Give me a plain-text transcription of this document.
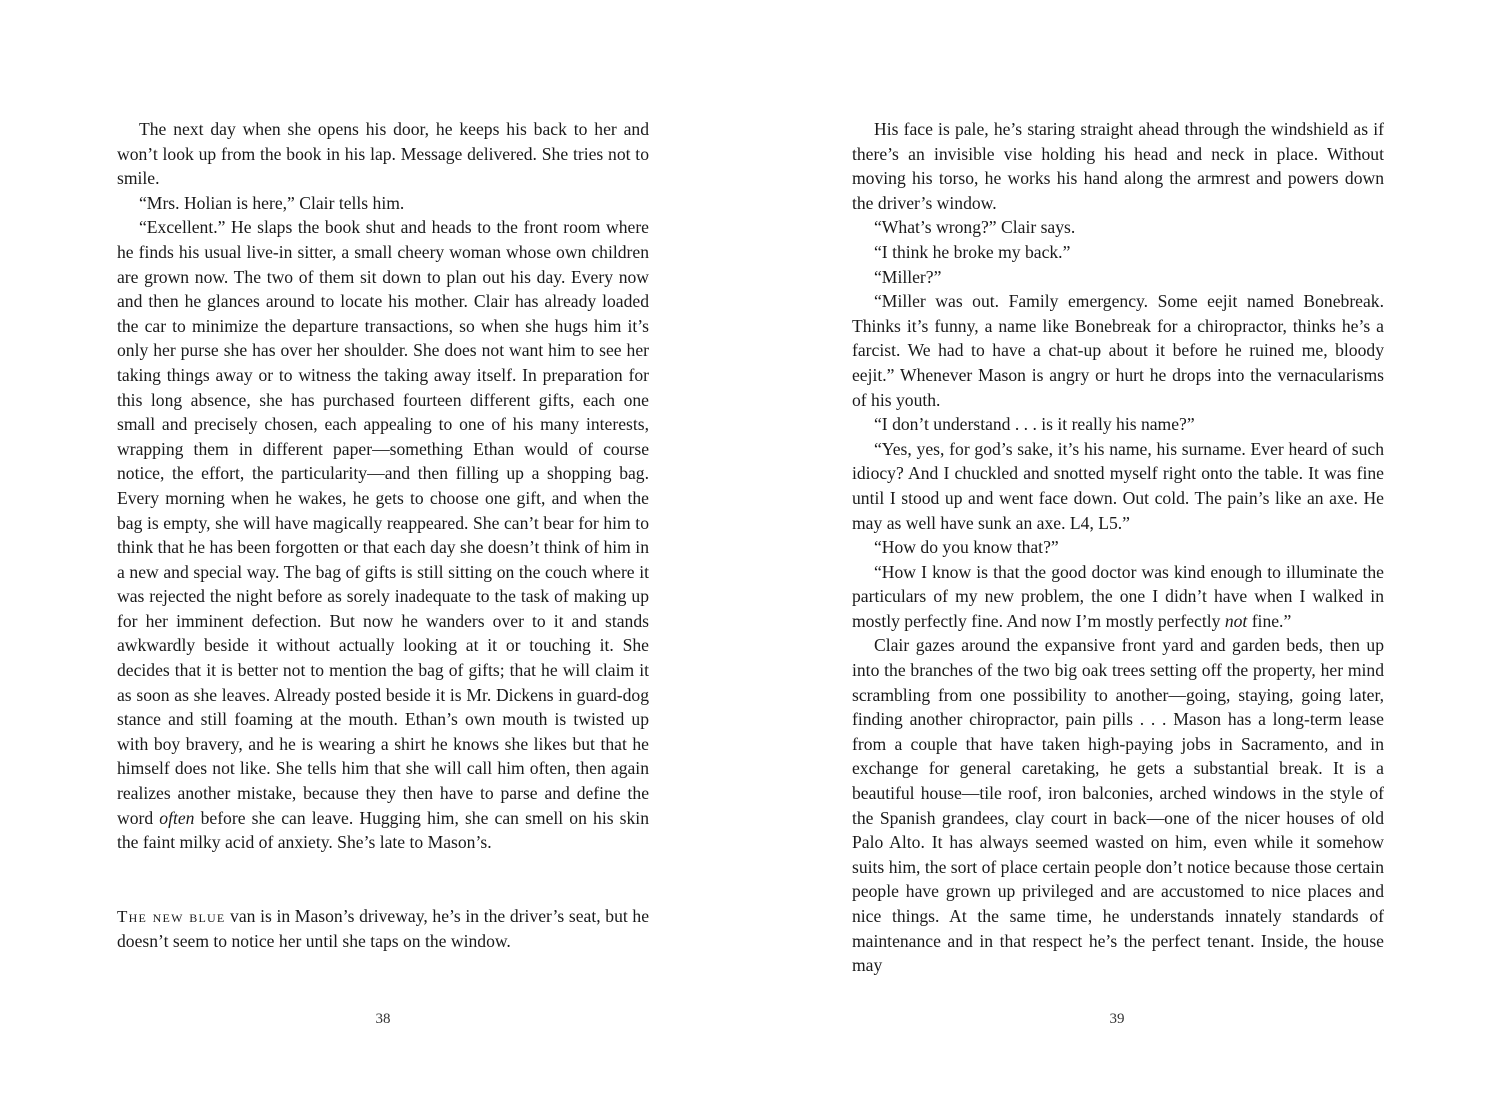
The next day when she opens his door, he keeps his back to her and won’t look up from the book in his lap. Message delivered. She tries not to smile.

“Mrs. Holian is here,” Clair tells him.

“Excellent.” He slaps the book shut and heads to the front room where he finds his usual live-in sitter, a small cheery woman whose own children are grown now. The two of them sit down to plan out his day. Every now and then he glances around to locate his mother. Clair has already loaded the car to minimize the departure transactions, so when she hugs him it’s only her purse she has over her shoulder. She does not want him to see her taking things away or to witness the taking away itself. In preparation for this long absence, she has purchased fourteen different gifts, each one small and precisely chosen, each appealing to one of his many interests, wrapping them in different paper—something Ethan would of course notice, the effort, the particularity—and then filling up a shopping bag. Every morning when he wakes, he gets to choose one gift, and when the bag is empty, she will have magically reappeared. She can’t bear for him to think that he has been forgotten or that each day she doesn’t think of him in a new and special way. The bag of gifts is still sitting on the couch where it was rejected the night before as sorely inadequate to the task of making up for her imminent defection. But now he wanders over to it and stands awkwardly beside it without actually looking at it or touching it. She decides that it is better not to mention the bag of gifts; that he will claim it as soon as she leaves. Already posted beside it is Mr. Dickens in guard-dog stance and still foaming at the mouth. Ethan’s own mouth is twisted up with boy bravery, and he is wearing a shirt he knows she likes but that he himself does not like. She tells him that she will call him often, then again realizes another mistake, because they then have to parse and define the word often before she can leave. Hugging him, she can smell on his skin the faint milky acid of anxiety. She’s late to Mason’s.

The new blue van is in Mason’s driveway, he’s in the driver’s seat, but he doesn’t seem to notice her until she taps on the window.

38

His face is pale, he’s staring straight ahead through the windshield as if there’s an invisible vise holding his head and neck in place. Without moving his torso, he works his hand along the armrest and powers down the driver’s window.

“What’s wrong?” Clair says.

“I think he broke my back.”

“Miller?”

“Miller was out. Family emergency. Some eejit named Bonebreak. Thinks it’s funny, a name like Bonebreak for a chiropractor, thinks he’s a farcist. We had to have a chat-up about it before he ruined me, bloody eejit.” Whenever Mason is angry or hurt he drops into the vernacularisms of his youth.

“I don’t understand . . . is it really his name?”

“Yes, yes, for god’s sake, it’s his name, his surname. Ever heard of such idiocy? And I chuckled and snotted myself right onto the table. It was fine until I stood up and went face down. Out cold. The pain’s like an axe. He may as well have sunk an axe. L4, L5.”

“How do you know that?”

“How I know is that the good doctor was kind enough to illuminate the particulars of my new problem, the one I didn’t have when I walked in mostly perfectly fine. And now I’m mostly perfectly not fine.”

Clair gazes around the expansive front yard and garden beds, then up into the branches of the two big oak trees setting off the property, her mind scrambling from one possibility to another—going, staying, going later, finding another chiropractor, pain pills . . . Mason has a long-term lease from a couple that have taken high-paying jobs in Sacramento, and in exchange for general caretaking, he gets a substantial break. It is a beautiful house—tile roof, iron balconies, arched windows in the style of the Spanish grandees, clay court in back—one of the nicer houses of old Palo Alto. It has always seemed wasted on him, even while it somehow suits him, the sort of place certain people don’t notice because those certain people have grown up privileged and are accustomed to nice places and nice things. At the same time, he understands innately standards of maintenance and in that respect he’s the perfect tenant. Inside, the house may

39
